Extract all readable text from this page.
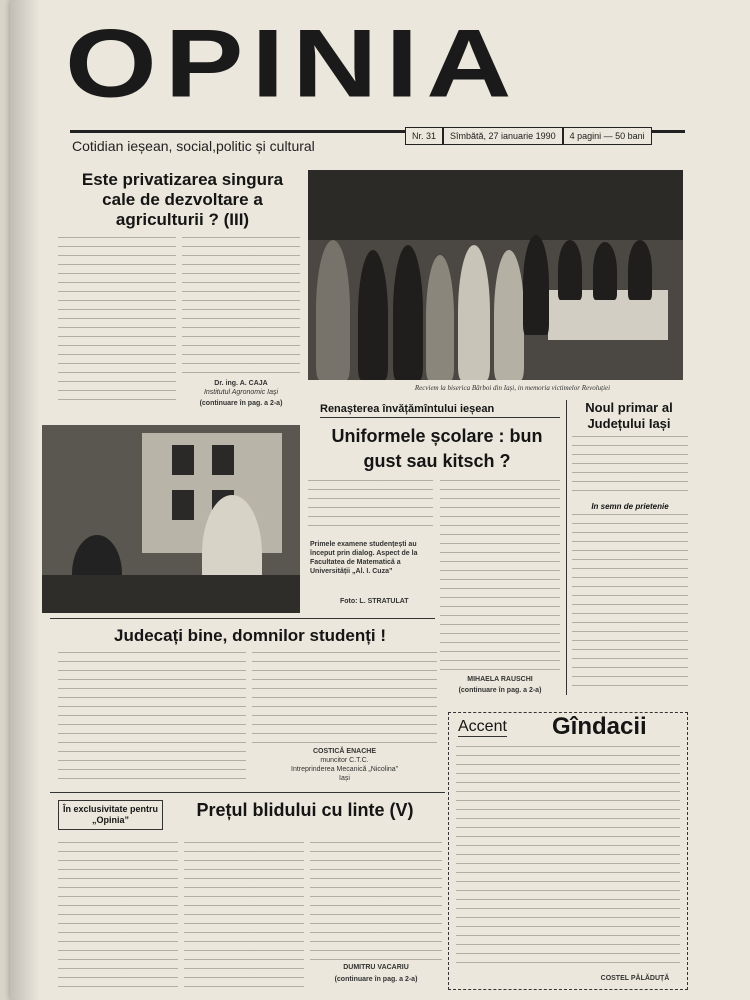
OPINIA
Cotidian ieșean, social,politic și cultural
Nr. 31	Sîmbătă, 27 ianuarie 1990	4 pagini — 50 bani
Este privatizarea singura cale de dezvoltare a agriculturii ? (III)
Dr. ing. A. CAJA
Institutul Agronomic Iași
(continuare în pag. a 2-a)
Recviem la biserica Bărboi din Iași, in memoria victimelor Revoluției
Renașterea învățămîntului ieșean
Uniformele școlare : bun gust sau kitsch ?
MIHAELA RAUSCHI
(continuare în pag. a 2-a)
Primele examene studențești au început prin dialog. Aspect de la Facultatea de Matematică a Universității „Al. I. Cuza”
Foto: L. STRATULAT
Noul primar al Județului Iași
In semn de prietenie
Judecați bine, domnilor studenți !
COSTICĂ ENACHE
muncitor C.T.C.
Intreprinderea Mecanică „Nicolina”
Iași
Accent Gîndacii
COSTEL PĂLĂDUȚĂ
În exclusivitate pentru „Opinia”	Prețul blidului cu linte (V)
DUMITRU VACARIU
(continuare în pag. a 2-a)
